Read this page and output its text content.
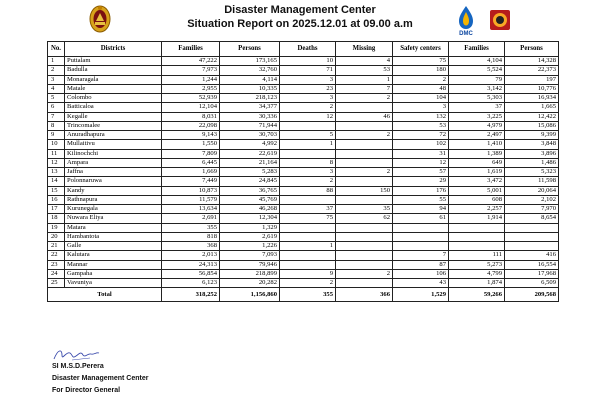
Disaster Management Center
Situation Report on 2025.12.01 at 09.00 a.m
DMC
No.	Districts	Families	Persons	Deaths	Missing	Safety centers	Families	Persons
1	Puttalam	47,222	173,165	10	4	75	4,104	14,328
2	Badulla	7,973	32,760	71	53	180	5,524	22,373
3	Monaragala	1,244	4,114	3	1	2	79	197
4	Matale	2,955	10,335	23	7	48	3,142	10,776
5	Colombo	52,939	218,123	3	2	104	5,303	16,934
6	Batticaloa	12,104	34,377	2		3	37	1,665
7	Kegalle	8,031	30,336	12	46	132	3,225	12,422
8	Trincomalee	22,098	71,944			53	4,979	15,086
9	Anuradhapura	9,143	30,703	5	2	72	2,497	9,399
10	Mullaitivu	1,550	4,992	1		102	1,410	3,848
11	Kilinochchi	7,809	22,619			31	1,389	3,896
12	Ampara	6,445	21,164	8		12	649	1,486
13	Jaffna	1,669	5,283	3	2	57	1,619	5,323
14	Polonnaruwa	7,449	24,845	2		29	3,472	11,598
15	Kandy	10,873	36,765	88	150	176	5,001	20,064
16	Rathnapura	11,579	45,769			55	608	2,102
17	Kurunegala	13,634	46,268	37	35	94	2,257	7,970
18	Nuwara Eliya	2,691	12,304	75	62	61	1,914	8,654
19	Matara	355	1,329					
20	Hambantota	818	2,619					
21	Galle	368	1,226	1				
22	Kalutara	2,013	7,093			7	111	416
23	Mannar	24,313	79,946			87	5,273	16,554
24	Gampaha	56,854	218,899	9	2	106	4,799	17,968
25	Vavuniya	6,123	20,282	2		43	1,874	6,509
Total		318,252	1,156,860	355	366	1,529	59,266	209,568
SI M.S.D.Perera
Disaster Management Center
For Director General
